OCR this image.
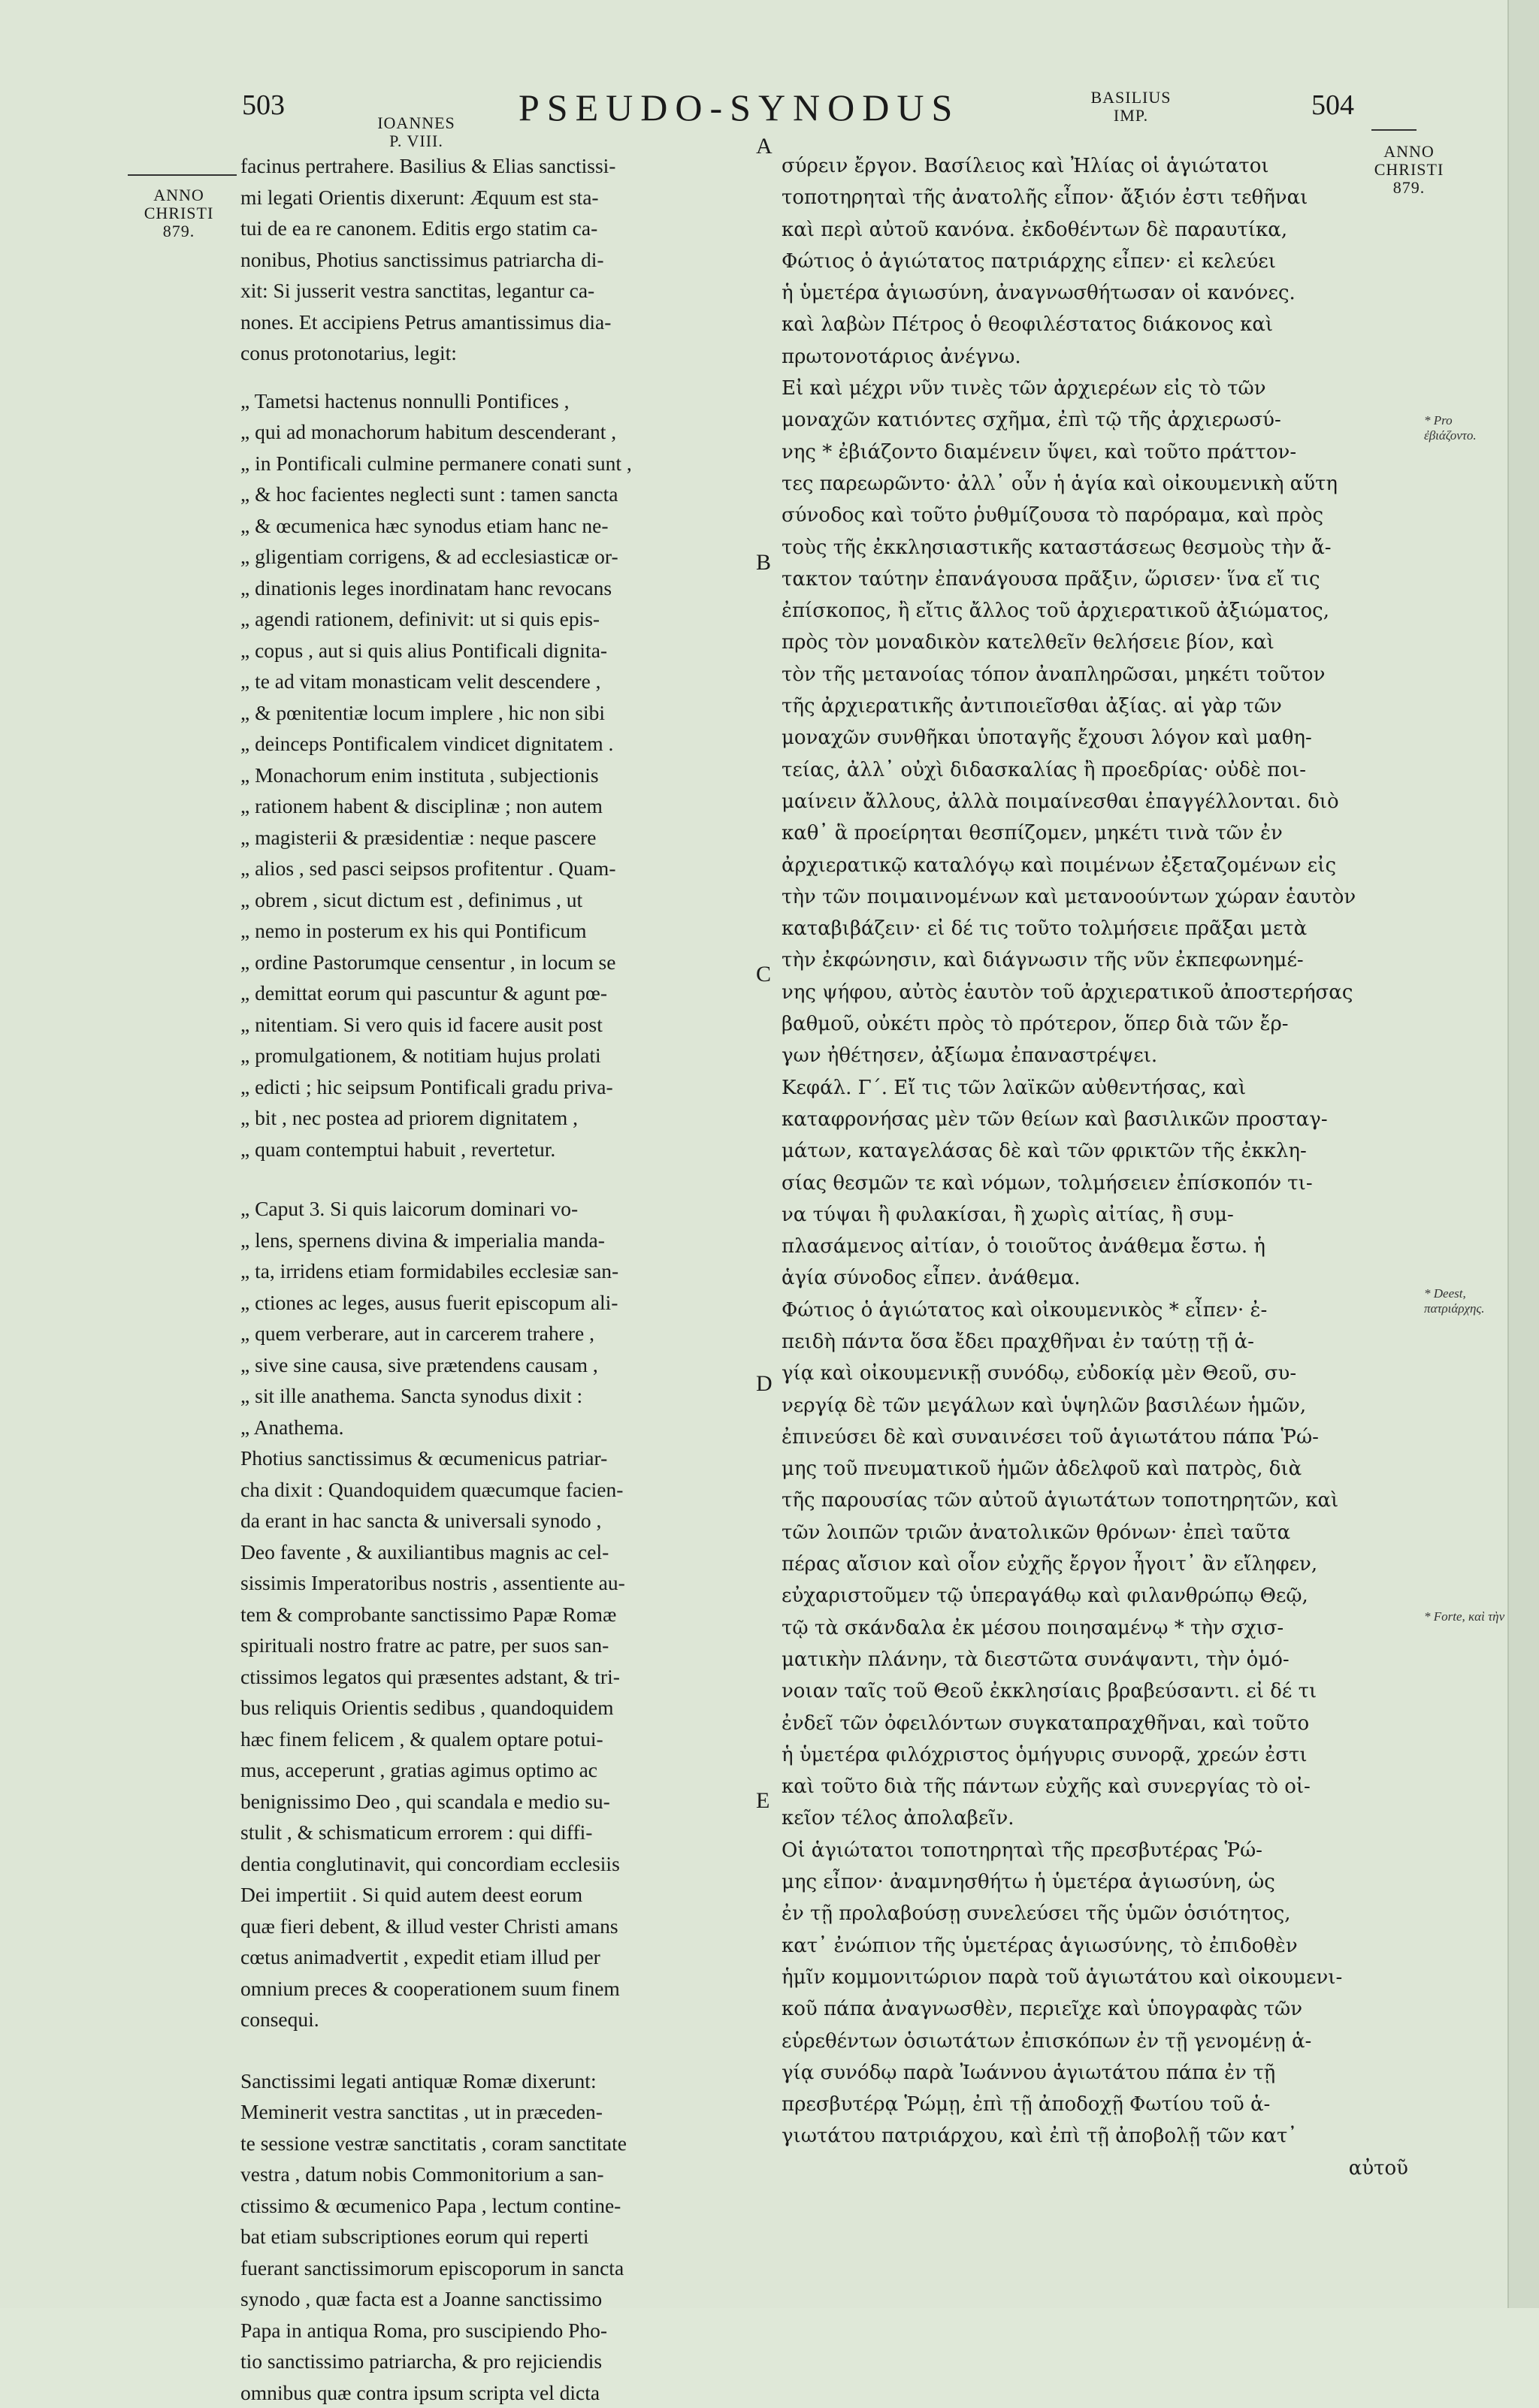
503
IOANNES
P. VIII.
PSEUDO-SYNODUS	BASILIUS
IMP.	504
ANNO
CHRISTI
879.
ANNO
CHRISTI
879.
A
B
C
D
E
facinus pertrahere. Basilius & Elias sanctissi-
mi legati Orientis dixerunt: Æquum est sta-
tui de ea re canonem. Editis ergo statim ca-
nonibus, Photius sanctissimus patriarcha di-
xit: Si jusserit vestra sanctitas, legantur ca-
nones. Et accipiens Petrus amantissimus dia-
conus protonotarius, legit:
„ Tametsi hactenus nonnulli Pontifices ,
„ qui ad monachorum habitum descenderant ,
„ in Pontificali culmine permanere conati sunt ,
„ & hoc facientes neglecti sunt : tamen sancta
„ & œcumenica hæc synodus etiam hanc ne-
„ gligentiam corrigens, & ad ecclesiasticæ or-
„ dinationis leges inordinatam hanc revocans
„ agendi rationem, definivit: ut si quis epis-
„ copus , aut si quis alius Pontificali dignita-
„ te ad vitam monasticam velit descendere ,
„ & pœnitentiæ locum implere , hic non sibi
„ deinceps Pontificalem vindicet dignitatem .
„ Monachorum enim instituta , subjectionis
„ rationem habent & disciplinæ ; non autem
„ magisterii & præsidentiæ : neque pascere
„ alios , sed pasci seipsos profitentur . Quam-
„ obrem , sicut dictum est , definimus , ut
„ nemo in posterum ex his qui Pontificum
„ ordine Pastorumque censentur , in locum se
„ demittat eorum qui pascuntur & agunt pœ-
„ nitentiam. Si vero quis id facere ausit post
„ promulgationem, & notitiam hujus prolati
„ edicti ; hic seipsum Pontificali gradu priva-
„ bit , nec postea ad priorem dignitatem ,
„ quam contemptui habuit , revertetur.
„ Caput 3. Si quis laicorum dominari vo-
„ lens, spernens divina & imperialia manda-
„ ta, irridens etiam formidabiles ecclesiæ san-
„ ctiones ac leges, ausus fuerit episcopum ali-
„ quem verberare, aut in carcerem trahere ,
„ sive sine causa, sive prætendens causam ,
„ sit ille anathema. Sancta synodus dixit :
„ Anathema.
Photius sanctissimus & œcumenicus patriar-
cha dixit : Quandoquidem quæcumque facien-
da erant in hac sancta & universali synodo ,
Deo favente , & auxiliantibus magnis ac cel-
sissimis Imperatoribus nostris , assentiente au-
tem & comprobante sanctissimo Papæ Romæ
spirituali nostro fratre ac patre, per suos san-
ctissimos legatos qui præsentes adstant, & tri-
bus reliquis Orientis sedibus , quandoquidem
hæc finem felicem , & qualem optare potui-
mus, acceperunt , gratias agimus optimo ac
benignissimo Deo , qui scandala e medio su-
stulit , & schismaticum errorem : qui diffi-
dentia conglutinavit, qui concordiam ecclesiis
Dei impertiit . Si quid autem deest eorum
quæ fieri debent, & illud vester Christi amans
cœtus animadvertit , expedit etiam illud per
omnium preces & cooperationem suum finem
consequi.
Sanctissimi legati antiquæ Romæ dixerunt:
Meminerit vestra sanctitas , ut in præceden-
te sessione vestræ sanctitatis , coram sanctitate
vestra , datum nobis Commonitorium a san-
ctissimo & œcumenico Papa , lectum contine-
bat etiam subscriptiones eorum qui reperti
fuerant sanctissimorum episcoporum in sancta
synodo , quæ facta est a Joanne sanctissimo
Papa in antiqua Roma, pro suscipiendo Pho-
tio sanctissimo patriarcha, & pro rejiciendis
omnibus quæ contra ipsum scripta vel dicta
σύρειν ἔργον. Βασίλειος καὶ Ἠλίας οἱ ἁγιώτατοι
τοποτηρηταὶ τῆς ἀνατολῆς εἶπον· ἄξιόν ἐστι τεθῆναι
καὶ περὶ αὐτοῦ κανόνα. ἐκδοθέντων δὲ παραυτίκα,
Φώτιος ὁ ἁγιώτατος πατριάρχης εἶπεν· εἰ κελεύει
ἡ ὑμετέρα ἁγιωσύνη, ἀναγνωσθήτωσαν οἱ κανόνες.
καὶ λαβὼν Πέτρος ὁ θεοφιλέστατος διάκονος καὶ
πρωτονοτάριος ἀνέγνω.
Εἰ καὶ μέχρι νῦν τινὲς τῶν ἀρχιερέων εἰς τὸ τῶν
μοναχῶν κατιόντες σχῆμα, ἐπὶ τῷ τῆς ἀρχιερωσύ-
νης * ἐβιάζοντο διαμένειν ὕψει, καὶ τοῦτο πράττον-
τες παρεωρῶντο· ἀλλ᾽ οὖν ἡ ἁγία καὶ οἰκουμενικὴ αὕτη
σύνοδος καὶ τοῦτο ῥυθμίζουσα τὸ παρόραμα, καὶ πρὸς
τοὺς τῆς ἐκκλησιαστικῆς καταστάσεως θεσμοὺς τὴν ἄ-
τακτον ταύτην ἐπανάγουσα πρᾶξιν, ὥρισεν· ἵνα εἴ τις
ἐπίσκοπος, ἢ εἴτις ἄλλος τοῦ ἀρχιερατικοῦ ἀξιώματος,
πρὸς τὸν μοναδικὸν κατελθεῖν θελήσειε βίον, καὶ
τὸν τῆς μετανοίας τόπον ἀναπληρῶσαι, μηκέτι τοῦτον
τῆς ἀρχιερατικῆς ἀντιποιεῖσθαι ἀξίας. αἱ γὰρ τῶν
μοναχῶν συνθῆκαι ὑποταγῆς ἔχουσι λόγον καὶ μαθη-
τείας, ἀλλ᾽ οὐχὶ διδασκαλίας ἢ προεδρίας· οὐδὲ ποι-
μαίνειν ἄλλους, ἀλλὰ ποιμαίνεσθαι ἐπαγγέλλονται. διὸ
καθ᾽ ἃ προείρηται θεσπίζομεν, μηκέτι τινὰ τῶν ἐν
ἀρχιερατικῷ καταλόγῳ καὶ ποιμένων ἐξεταζομένων εἰς
τὴν τῶν ποιμαινομένων καὶ μετανοούντων χώραν ἑαυτὸν
καταβιβάζειν· εἰ δέ τις τοῦτο τολμήσειε πρᾶξαι μετὰ
τὴν ἐκφώνησιν, καὶ διάγνωσιν τῆς νῦν ἐκπεφωνημέ-
νης ψήφου, αὐτὸς ἑαυτὸν τοῦ ἀρχιερατικοῦ ἀποστερήσας
βαθμοῦ, οὐκέτι πρὸς τὸ πρότερον, ὅπερ διὰ τῶν ἔρ-
γων ἠθέτησεν, ἀξίωμα ἐπαναστρέψει.
Κεφάλ. Γ΄. Εἴ τις τῶν λαϊκῶν αὐθεντήσας, καὶ
καταφρονήσας μὲν τῶν θείων καὶ βασιλικῶν προσταγ-
μάτων, καταγελάσας δὲ καὶ τῶν φρικτῶν τῆς ἐκκλη-
σίας θεσμῶν τε καὶ νόμων, τολμήσειεν ἐπίσκοπόν τι-
να τύψαι ἢ φυλακίσαι, ἢ χωρὶς αἰτίας, ἢ συμ-
πλασάμενος αἰτίαν, ὁ τοιοῦτος ἀνάθεμα ἔστω. ἡ
ἁγία σύνοδος εἶπεν. ἀνάθεμα.
Φώτιος ὁ ἁγιώτατος καὶ οἰκουμενικὸς * εἶπεν· ἐ-
πειδὴ πάντα ὅσα ἔδει πραχθῆναι ἐν ταύτῃ τῇ ἁ-
γίᾳ καὶ οἰκουμενικῇ συνόδῳ, εὐδοκίᾳ μὲν Θεοῦ, συ-
νεργίᾳ δὲ τῶν μεγάλων καὶ ὑψηλῶν βασιλέων ἡμῶν,
ἐπινεύσει δὲ καὶ συναινέσει τοῦ ἁγιωτάτου πάπα Ῥώ-
μης τοῦ πνευματικοῦ ἡμῶν ἀδελφοῦ καὶ πατρὸς, διὰ
τῆς παρουσίας τῶν αὐτοῦ ἁγιωτάτων τοποτηρητῶν, καὶ
τῶν λοιπῶν τριῶν ἀνατολικῶν θρόνων· ἐπεὶ ταῦτα
πέρας αἴσιον καὶ οἷον εὐχῆς ἔργον ἦγοιτ᾽ ἂν εἴληφεν,
εὐχαριστοῦμεν τῷ ὑπεραγάθῳ καὶ φιλανθρώπῳ Θεῷ,
τῷ τὰ σκάνδαλα ἐκ μέσου ποιησαμένῳ * τὴν σχισ-
ματικὴν πλάνην, τὰ διεστῶτα συνάψαντι, τὴν ὁμό-
νοιαν ταῖς τοῦ Θεοῦ ἐκκλησίαις βραβεύσαντι. εἰ δέ τι
ἐνδεῖ τῶν ὀφειλόντων συγκαταπραχθῆναι, καὶ τοῦτο
ἡ ὑμετέρα φιλόχριστος ὁμήγυρις συνορᾷ, χρεών ἐστι
καὶ τοῦτο διὰ τῆς πάντων εὐχῆς καὶ συνεργίας τὸ οἰ-
κεῖον τέλος ἀπολαβεῖν.
Οἱ ἁγιώτατοι τοποτηρηταὶ τῆς πρεσβυτέρας Ῥώ-
μης εἶπον· ἀναμνησθήτω ἡ ὑμετέρα ἁγιωσύνη, ὡς
ἐν τῇ προλαβούσῃ συνελεύσει τῆς ὑμῶν ὁσιότητος,
κατ᾽ ἐνώπιον τῆς ὑμετέρας ἁγιωσύνης, τὸ ἐπιδοθὲν
ἡμῖν κομμονιτώριον παρὰ τοῦ ἁγιωτάτου καὶ οἰκουμενι-
κοῦ πάπα ἀναγνωσθὲν, περιεῖχε καὶ ὑπογραφὰς τῶν
εὑρεθέντων ὁσιωτάτων ἐπισκόπων ἐν τῇ γενομένῃ ἁ-
γίᾳ συνόδῳ παρὰ Ἰωάννου ἁγιωτάτου πάπα ἐν τῇ
πρεσβυτέρᾳ Ῥώμῃ, ἐπὶ τῇ ἀποδοχῇ Φωτίου τοῦ ἁ-
γιωτάτου πατριάρχου, καὶ ἐπὶ τῇ ἀποβολῇ τῶν κατ᾽
αὐτοῦ
* Pro ἐβιάζοντο.
* Deest, πατριάρχης.
* Forte, καὶ τὴν
